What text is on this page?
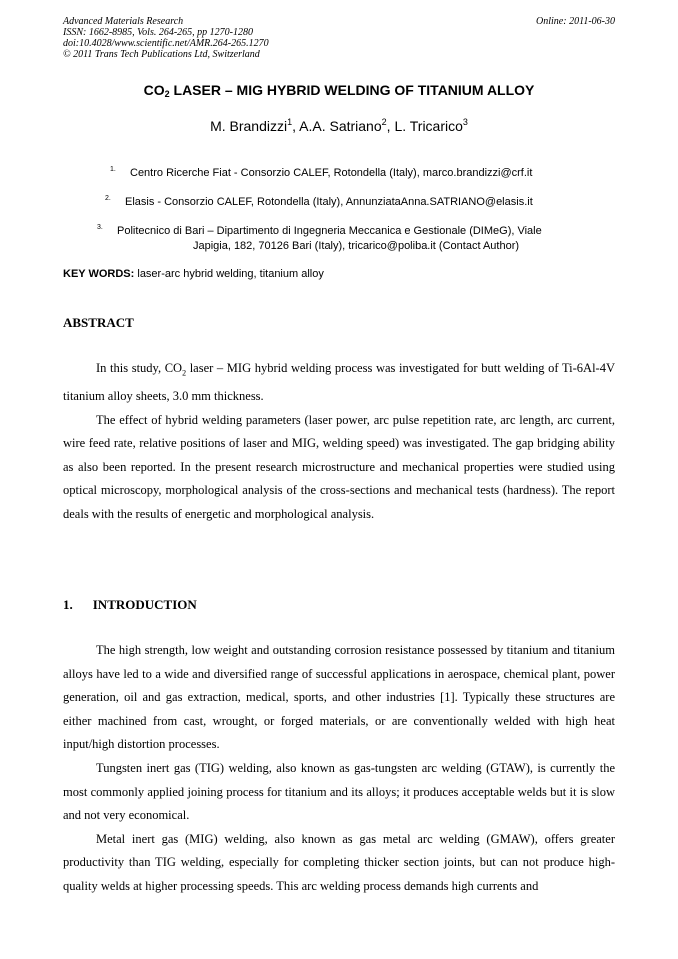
Advanced Materials Research
ISSN: 1662-8985, Vols. 264-265, pp 1270-1280
doi:10.4028/www.scientific.net/AMR.264-265.1270
© 2011 Trans Tech Publications Ltd, Switzerland
Online: 2011-06-30
$CO_2$ LASER – MIG HYBRID WELDING OF TITANIUM ALLOY
M. Brandizzi$^1$, A.A. Satriano$^2$, L. Tricarico$^3$
1.	Centro Ricerche Fiat - Consorzio CALEF, Rotondella (Italy), marco.brandizzi@crf.it
2.	Elasis - Consorzio CALEF, Rotondella (Italy), AnnunziataAnna.SATRIANO@elasis.it
3.	Politecnico di Bari – Dipartimento di Ingegneria Meccanica e Gestionale (DIMeG), Viale
Japigia, 182, 70126 Bari (Italy), tricarico@poliba.it (Contact Author)
KEY WORDS: laser-arc hybrid welding, titanium alloy
ABSTRACT

In this study, $CO_2$ laser – MIG hybrid welding process was investigated for butt welding of Ti-6Al-4V titanium alloy sheets, 3.0 mm thickness.

The effect of hybrid welding parameters (laser power, arc pulse repetition rate, arc length, arc current, wire feed rate, relative positions of laser and MIG, welding speed) was investigated. The gap bridging ability as also been reported. In the present research microstructure and mechanical properties were studied using optical microscopy, morphological analysis of the cross-sections and mechanical tests (hardness). The report deals with the results of energetic and morphological analysis.

1. INTRODUCTION

The high strength, low weight and outstanding corrosion resistance possessed by titanium and titanium alloys have led to a wide and diversified range of successful applications in aerospace, chemical plant, power generation, oil and gas extraction, medical, sports, and other industries [1]. Typically these structures are either machined from cast, wrought, or forged materials, or are conventionally welded with high heat input/high distortion processes.

Tungsten inert gas (TIG) welding, also known as gas-tungsten arc welding (GTAW), is currently the most commonly applied joining process for titanium and its alloys; it produces acceptable welds but it is slow and not very economical.

Metal inert gas (MIG) welding, also known as gas metal arc welding (GMAW), offers greater productivity than TIG welding, especially for completing thicker section joints, but can not produce high-quality welds at higher processing speeds. This arc welding process demands high currents and
